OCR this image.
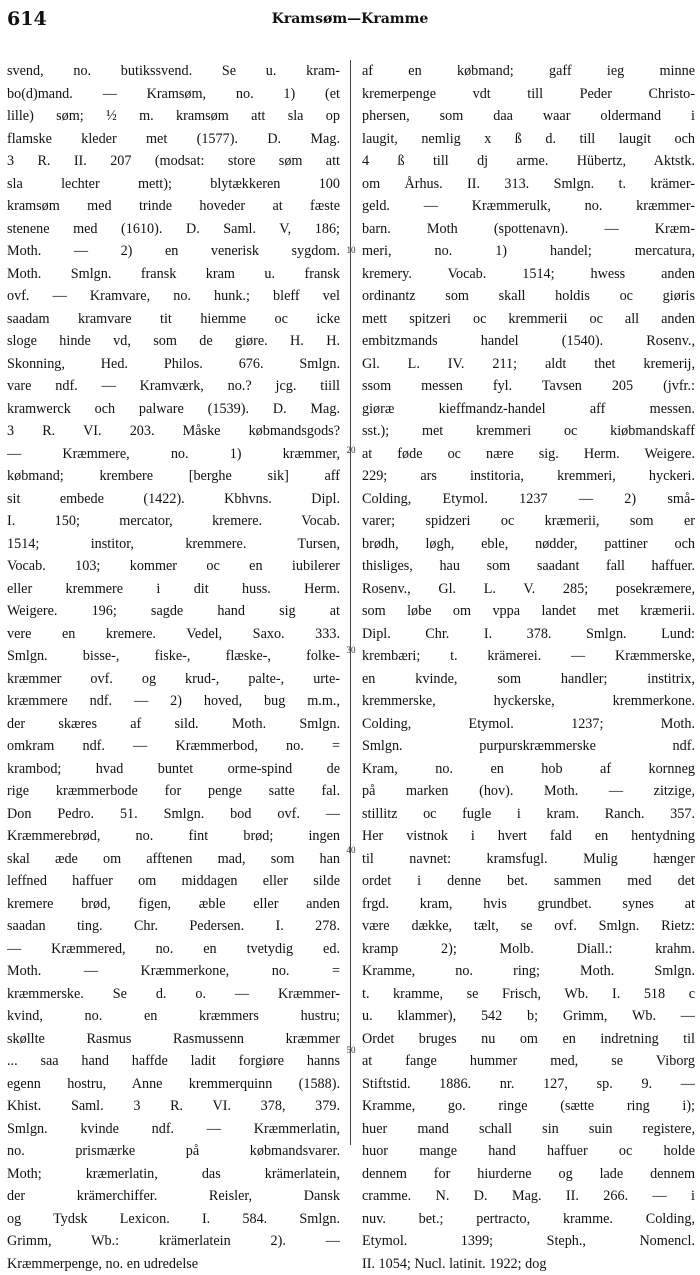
614	Kramsøm—Kramme
svend, no. butikssvend. Se u. kram-
bo(d)mand. — Kramsøm, no. 1) (et
lille) søm; ½ m. kramsøm att sla op
flamske kleder met (1577). D. Mag.
3 R. II. 207 (modsat: store søm att
sla lechter mett); blytækkeren 100
kramsøm med trinde hoveder at fæste
stenene med (1610). D. Saml. V, 186;
Moth. — 2) en venerisk sygdom.
Moth. Smlgn. fransk kram u. fransk
ovf. — Kramvare, no. hunk.; bleff vel
saadam kramvare tit hiemme oc icke
sloge hinde vd, som de giøre. H. H.
Skonning, Hed. Philos. 676. Smlgn.
vare ndf. — Kramværk, no.? jcg. tiill
kramwerck och palware (1539). D. Mag.
3 R. VI. 203. Måske købmandsgods?
— Kræmmere, no. 1) kræmmer,
købmand; krembere [berghe sik] aff
sit embede (1422). Kbhvns. Dipl.
I. 150; mercator, kremere. Vocab.
1514; institor, kremmere. Tursen,
Vocab. 103; kommer oc en iubilerer
eller kremmere i dit huss. Herm.
Weigere. 196; sagde hand sig at
vere en kremere. Vedel, Saxo. 333.
Smlgn. bisse-, fiske-, flæske-, folke-
kræmmer ovf. og krud-, palte-, urte-
kræmmere ndf. — 2) hoved, bug m.m.,
der skæres af sild. Moth. Smlgn.
omkram ndf. — Kræmmerbod, no. =
krambod; hvad buntet orme-spind de
rige kræmmerbode for penge satte fal.
Don Pedro. 51. Smlgn. bod ovf. —
Kræmmerebrød, no. fint brød; ingen
skal æde om afftenen mad, som han
leffned haffuer om middagen eller silde
kremere brød, figen, æble eller anden
saadan ting. Chr. Pedersen. I. 278.
— Kræmmered, no. en tvetydig ed.
Moth. — Kræmmerkone, no. =
kræmmerske. Se d. o. — Kræmmer-
kvind, no. en kræmmers hustru;
skøllte Rasmus Rasmussenn kræmmer
... saa hand haffde ladit forgiøre hanns
egenn hostru, Anne kremmerquinn (1588).
Khist. Saml. 3 R. VI. 378, 379.
Smlgn. kvinde ndf. — Kræmmerlatin,
no. prismærke på købmandsvarer.
Moth; kræmerlatin, das krämerlatein,
der krämerchiffer. Reisler, Dansk
og Tydsk Lexicon. I. 584. Smlgn.
Grimm, Wb.: krämerlatein 2). —
Kræmmerpenge, no. en udredelse
af en købmand; gaff ieg minne
kremerpenge vdt till Peder Christo-
phersen, som daa waar oldermand i
laugit, nemlig x ß d. till laugit och
4 ß till dj arme. Hübertz, Aktstk.
om Århus. II. 313. Smlgn. t. krämer-
geld. — Kræmmerulk, no. kræmmer-
barn. Moth (spottenavn). — Kræm-
meri, no. 1) handel; mercatura,
kremery. Vocab. 1514; hwess anden
ordinantz som skall holdis oc giøris
mett spitzeri oc kremmerii oc all anden
embitzmands handel (1540). Rosenv.,
Gl. L. IV. 211; aldt thet kremerij,
ssom messen fyl. Tavsen 205 (jvfr.:
giøræ kieffmandz-handel aff messen.
sst.); met kremmeri oc kiøbmandskaff
at føde oc nære sig. Herm. Weigere.
229; ars institoria, kremmeri, hyckeri.
Colding, Etymol. 1237 — 2) små-
varer; spidzeri oc kræmerii, som er
brødh, løgh, eble, nødder, pattiner och
thisliges, hau som saadant fall haffuer.
Rosenv., Gl. L. V. 285; posekræmere,
som løbe om vppa landet met kræmerii.
Dipl. Chr. I. 378. Smlgn. Lund:
krembæri; t. krämerei. — Kræmmerske,
en kvinde, som handler; institrix,
kremmerske, hyckerske, kremmerkone.
Colding, Etymol. 1237; Moth.
Smlgn. purpurskræmmerske ndf.
Kram, no. en hob af kornneg
på marken (hov). Moth. — zitzige,
stillitz oc fugle i kram. Ranch. 357.
Her vistnok i hvert fald en hentydning
til navnet: kramsfugl. Mulig hænger
ordet i denne bet. sammen med det
frgd. kram, hvis grundbet. synes at
være dække, tælt, se ovf. Smlgn. Rietz:
kramp 2); Molb. Diall.: krahm.
Kramme, no. ring; Moth. Smlgn.
t. kramme, se Frisch, Wb. I. 518 c
u. klammer), 542 b; Grimm, Wb. —
Ordet bruges nu om en indretning til
at fange hummer med, se Viborg
Stiftstid. 1886. nr. 127, sp. 9. —
Kramme, go. ringe (sætte ring i);
huer mand schall sin suin registere,
huor mange hand haffuer oc holde
dennem for hiurderne og lade dennem
cramme. N. D. Mag. II. 266. — i
nuv. bet.; pertracto, kramme. Colding,
Etymol. 1399; Steph., Nomencl.
II. 1054; Nucl. latinit. 1922; dog
10
20
30
40
50
